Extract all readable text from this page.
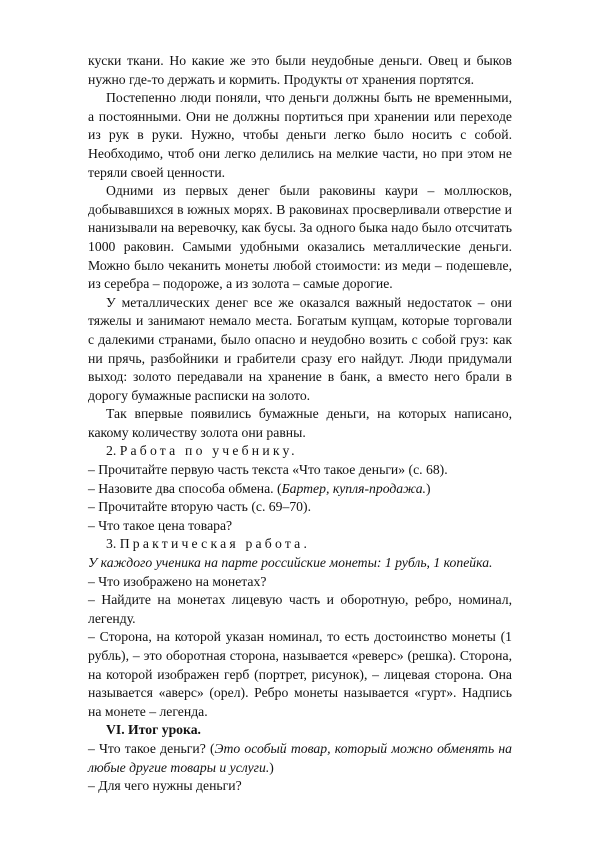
куски ткани. Но какие же это были неудобные деньги. Овец и быков нужно где-то держать и кормить. Продукты от хранения портятся.

Постепенно люди поняли, что деньги должны быть не временными, а постоянными. Они не должны портиться при хранении или переходе из рук в руки. Нужно, чтобы деньги легко было носить с собой. Необходимо, чтоб они легко делились на мелкие части, но при этом не теряли своей ценности.

Одними из первых денег были раковины каури – моллюсков, добывавшихся в южных морях. В раковинах просверливали отверстие и нанизывали на веревочку, как бусы. За одного быка надо было отсчитать 1000 раковин. Самыми удобными оказались металлические деньги. Можно было чеканить монеты любой стоимости: из меди – подешевле, из серебра – подороже, а из золота – самые дорогие.

У металлических денег все же оказался важный недостаток – они тяжелы и занимают немало места. Богатым купцам, которые торговали с далекими странами, было опасно и неудобно возить с собой груз: как ни прячь, разбойники и грабители сразу его найдут. Люди придумали выход: золото передавали на хранение в банк, а вместо него брали в дорогу бумажные расписки на золото.

Так впервые появились бумажные деньги, на которых написано, какому количеству золота они равны.

2. Работа по учебнику.

– Прочитайте первую часть текста «Что такое деньги» (с. 68).

– Назовите два способа обмена. (Бартер, купля-продажа.)

– Прочитайте вторую часть (с. 69–70).

– Что такое цена товара?

3. Практическая работа.

У каждого ученика на парте российские монеты: 1 рубль, 1 копейка.

– Что изображено на монетах?

– Найдите на монетах лицевую часть и оборотную, ребро, номинал, легенду.

– Сторона, на которой указан номинал, то есть достоинство монеты (1 рубль), – это оборотная сторона, называется «реверс» (решка). Сторона, на которой изображен герб (портрет, рисунок), – лицевая сторона. Она называется «аверс» (орел). Ребро монеты называется «гурт». Надпись на монете – легенда.

VI. Итог урока.

– Что такое деньги? (Это особый товар, который можно обменять на любые другие товары и услуги.)

– Для чего нужны деньги?
